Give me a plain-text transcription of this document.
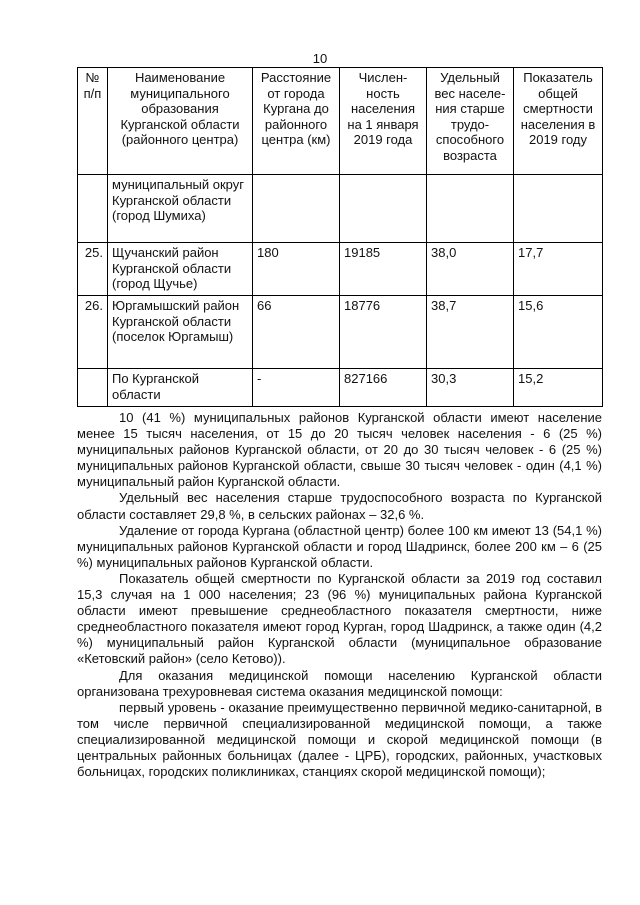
10
№ п/п	Наименование муниципального образования Курганской области (районного центра)	Расстояние от города Кургана до районного центра (км)	Числен-ность населения на 1 января 2019 года	Удельный вес населе-ния старше трудо-способного возраста	Показатель общей смертности населения в 2019 году
	муниципальный округ Курганской области (город Шумиха)				
25.	Щучанский район Курганской области (город Щучье)	180	19185	38,0	17,7
26.	Юргамышский район Курганской области (поселок Юргамыш)	66	18776	38,7	15,6
	По Курганской области	-	827166	30,3	15,2

10 (41 %) муниципальных районов Курганской области имеют население менее 15 тысяч населения, от 15 до 20 тысяч человек населения - 6 (25 %) муниципальных районов Курганской области, от 20 до 30 тысяч человек - 6 (25 %) муниципальных районов Курганской области, свыше 30 тысяч человек - один (4,1 %) муниципальный район Курганской области.

Удельный вес населения старше трудоспособного возраста по Курганской области составляет 29,8 %, в сельских районах – 32,6 %.

Удаление от города Кургана (областной центр) более 100 км имеют 13 (54,1 %) муниципальных районов Курганской области и город Шадринск, более 200 км – 6 (25 %) муниципальных районов Курганской области.

Показатель общей смертности по Курганской области за 2019 год составил 15,3 случая на 1 000 населения; 23 (96 %) муниципальных района Курганской области имеют превышение среднеобластного показателя смертности, ниже среднеобластного показателя имеют город Курган, город Шадринск, а также один (4,2 %) муниципальный район Курганской области (муниципальное образование «Кетовский район» (село Кетово)).

Для оказания медицинской помощи населению Курганской области организована трехуровневая система оказания медицинской помощи:

первый уровень - оказание преимущественно первичной медико-санитарной, в том числе первичной специализированной медицинской помощи, а также специализированной медицинской помощи и скорой медицинской помощи (в центральных районных больницах (далее - ЦРБ), городских, районных, участковых больницах, городских поликлиниках, станциях скорой медицинской помощи);
